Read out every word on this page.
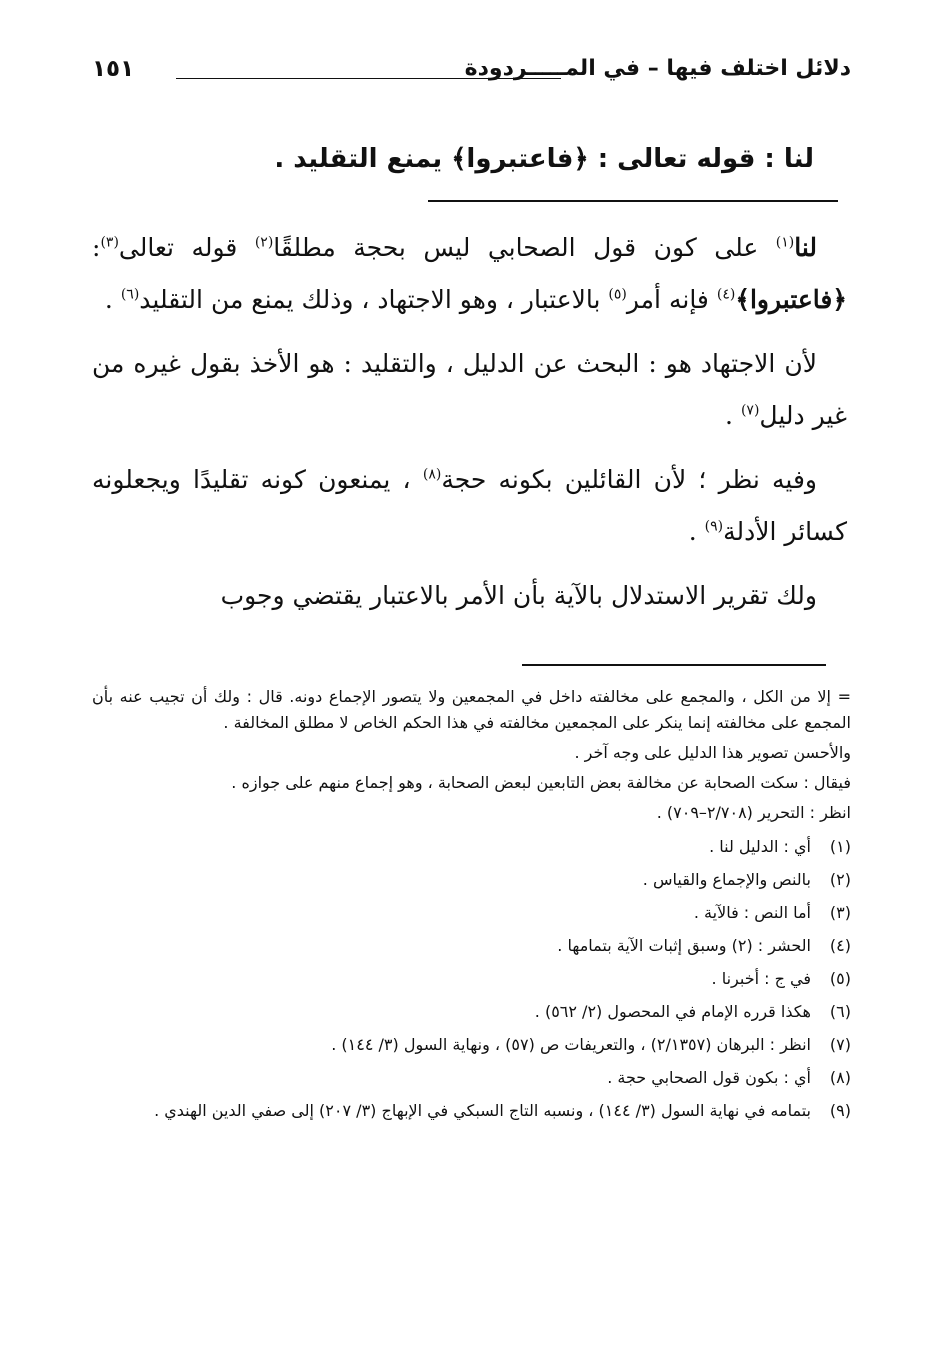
دلائل اختلف فيها – في المـــــردودة
١٥١
لنا : قوله تعالى : ﴿فاعتبروا﴾ يمنع التقليد .

لنا$^{(١)}$ على كون قول الصحابي ليس بحجة مطلقًا$^{(٢)}$ قوله تعالى$^{(٣)}$: ﴿فاعتبروا﴾$^{(٤)}$ فإنه أمر$^{(٥)}$ بالاعتبار ، وهو الاجتهاد ، وذلك يمنع من التقليد$^{(٦)}$ .

لأن الاجتهاد هو : البحث عن الدليل ، والتقليد : هو الأخذ بقول غيره من غير دليل$^{(٧)}$ .

وفيه نظر ؛ لأن القائلين بكونه حجة$^{(٨)}$ ، يمنعون كونه تقليدًا ويجعلونه كسائر الأدلة$^{(٩)}$ .

ولك تقرير الاستدلال بالآية بأن الأمر بالاعتبار يقتضي وجوب

= إلا من الكل ، والمجمع على مخالفته داخل في المجمعين ولا يتصور الإجماع دونه. قال : ولك أن تجيب عنه بأن المجمع على مخالفته إنما ينكر على المجمعين مخالفته في هذا الحكم الخاص لا مطلق المخالفة .

والأحسن تصوير هذا الدليل على وجه آخر .

فيقال : سكت الصحابة عن مخالفة بعض التابعين لبعض الصحابة ، وهو إجماع منهم على جوازه .

انظر : التحرير (٢/٧٠٨–٧٠٩) .

(١)
أي : الدليل لنا .
(٢)
بالنص والإجماع والقياس .
(٣)
أما النص : فالآية .
(٤)
الحشر : (٢) وسبق إثبات الآية بتمامها .
(٥)
في ج : أخبرنا .
(٦)
هكذا قرره الإمام في المحصول (٢/ ٥٦٢) .
(٧)
انظر : البرهان (٢/١٣٥٧) ، والتعريفات ص (٥٧) ، ونهاية السول (٣/ ١٤٤) .
(٨)
أي : بكون قول الصحابي حجة .
(٩)
بتمامه في نهاية السول (٣/ ١٤٤) ، ونسبه التاج السبكي في الإبهاج (٣/ ٢٠٧) إلى صفي الدين الهندي .
